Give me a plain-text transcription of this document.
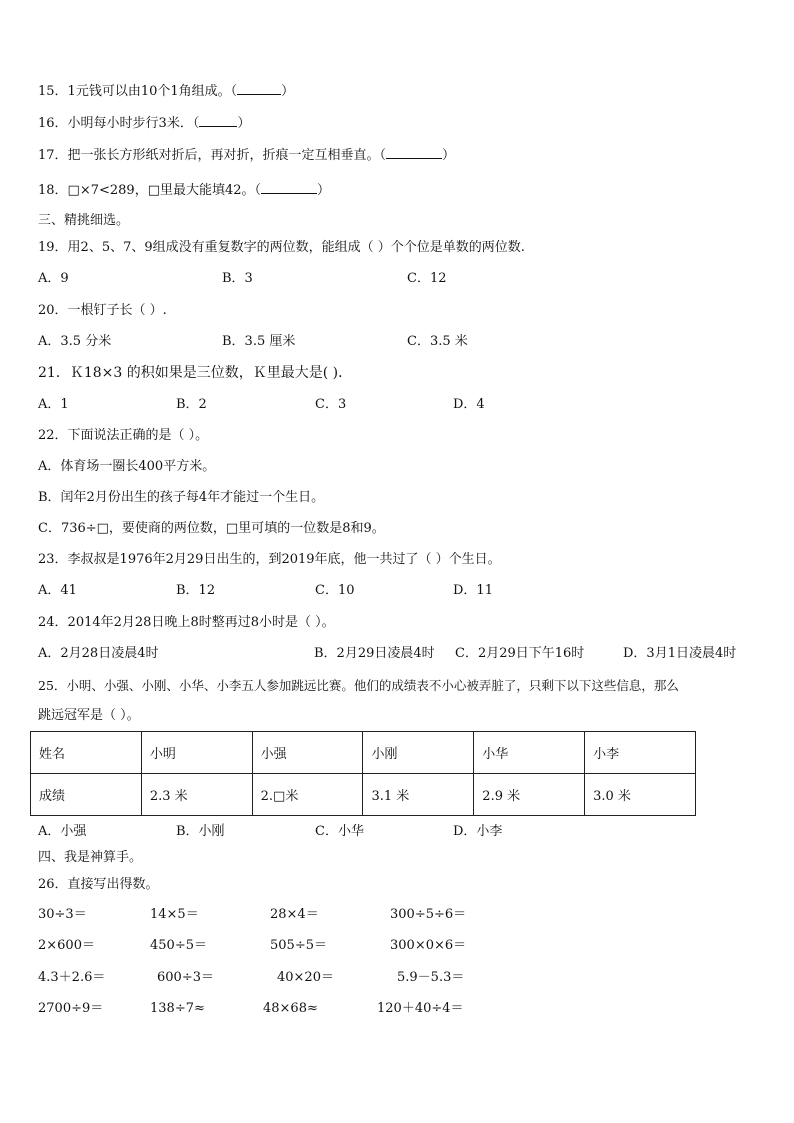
15．1元钱可以由10个1角组成。（	）
16．小明每小时步行3米．（	）
17．把一张长方形纸对折后，再对折，折痕一定互相垂直。（	）
18．□×7<289，□里最大能填42。（	）
三、精挑细选。
19．用2、5、7、9组成没有重复数字的两位数，能组成（ ）个个位是单数的两位数.
A．9	B．3	C．12
20．一根钉子长（ ）.
A．3.5 分米	B．3.5 厘米	C．3.5 米
21．Ｋ18×3 的积如果是三位数，Ｋ里最大是( )．
A．1	B．2	C．3	D．4
22．下面说法正确的是（ ）。
A．体育场一圈长400平方米。
B．闰年2月份出生的孩子每4年才能过一个生日。
C．736÷□，要使商的两位数，□里可填的一位数是8和9。
23．李叔叔是1976年2月29日出生的，到2019年底，他一共过了（ ）个生日。
A．41	B．12	C．10	D．11
24．2014年2月28日晚上8时整再过8小时是（ ）。
A．2月28日凌晨4时	B．2月29日凌晨4时 C．2月29日下午16时	D．3月1日凌晨4时
25．小明、小强、小刚、小华、小李五人参加跳远比赛。他们的成绩表不小心被弄脏了，只剩下以下这些信息，那么
跳远冠军是（ ）。
姓名	小明	小强	小刚	小华	小李
成绩	2.3 米	2.□米	3.1 米	2.9 米	3.0 米
A．小强	B．小刚	C．小华	D．小李
四、我是神算手。
26．直接写出得数。
30÷3＝	14×5＝	28×4＝	300÷5÷6＝
2×600＝	450÷5＝	505÷5＝	300×0×6＝
4.3＋2.6＝	600÷3＝	40×20＝	5.9－5.3＝
2700÷9＝	138÷7≈	48×68≈	120＋40÷4＝
